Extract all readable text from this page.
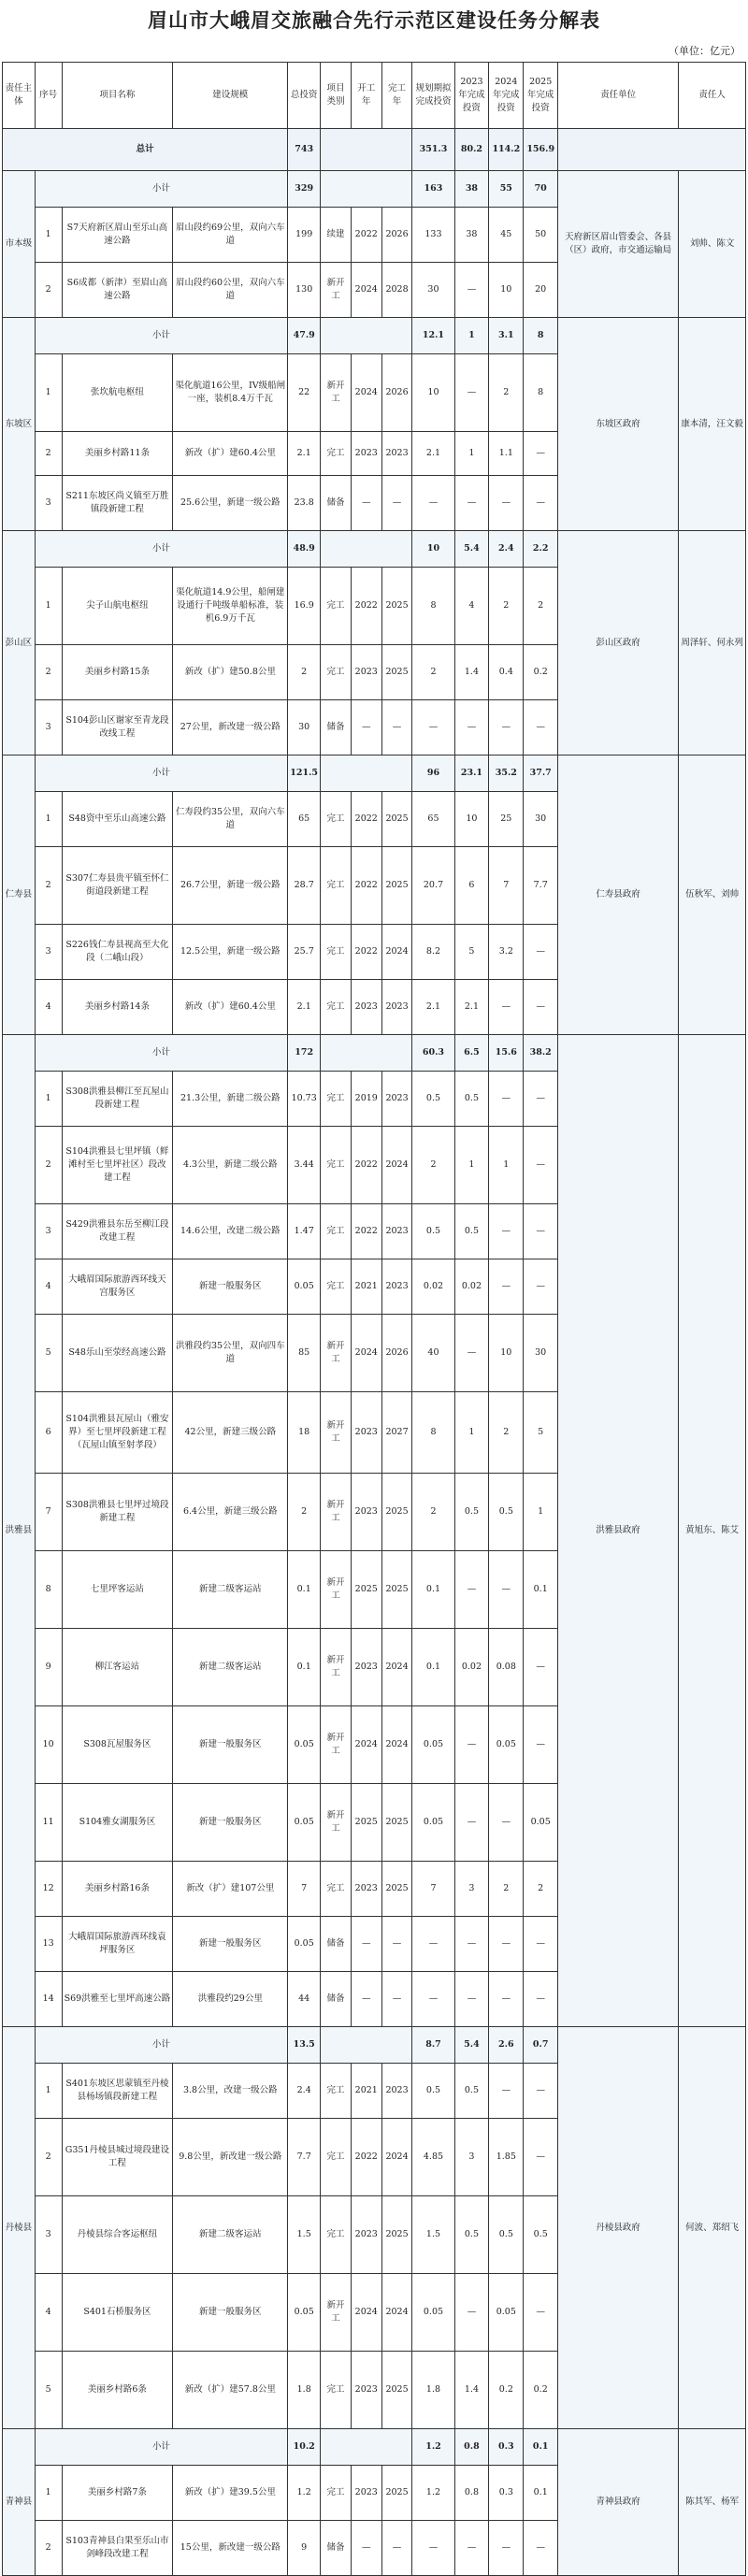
眉山市大峨眉交旅融合先行示范区建设任务分解表
（单位：亿元）
责任主体	序号	项目名称	建设规模	总投资	项目类别	开工年	完工年	规划期拟完成投资	2023年完成投资	2024年完成投资	2025年完成投资	责任单位	责任人
总计				743				351.3	80.2	114.2	156.9		
市本级	小计			329				163	38	55	70	天府新区眉山管委会、各县（区）政府，市交通运输局	刘帅、陈文
	1	S7天府新区眉山至乐山高速公路	眉山段约69公里，双向六车道	199	续建	2022	2026	133	38	45	50		
	2	S6成都（新津）至眉山高速公路	眉山段约60公里，双向六车道	130	新开工	2024	2028	30	—	10	20		
东坡区	小计			47.9				12.1	1	3.1	8	东坡区政府	康本清，汪文毅
	1	张坎航电枢纽	渠化航道16公里，IV级船闸一座，装机8.4万千瓦	22	新开工	2024	2026	10	—	2	8		
	2	美丽乡村路11条	新改（扩）建60.4公里	2.1	完工	2023	2023	2.1	1	1.1	—		
	3	S211东坡区尚义镇至万胜镇段新建工程	25.6公里，新建一级公路	23.8	储备	—	—	—	—	—	—		
彭山区	小计			48.9				10	5.4	2.4	2.2	彭山区政府	周泽轩、何永列
	1	尖子山航电枢纽	渠化航道14.9公里，船闸建设通行千吨级单船标准，装机6.9万千瓦	16.9	完工	2022	2025	8	4	2	2		
	2	美丽乡村路15条	新改（扩）建50.8公里	2	完工	2023	2025	2	1.4	0.4	0.2		
	3	S104彭山区谢家至青龙段改线工程	27公里，新改建一级公路	30	储备	—	—	—	—	—	—		
仁寿县	小计			121.5				96	23.1	35.2	37.7	仁寿县政府	伍秋军、刘帅
	1	S48资中至乐山高速公路	仁寿段约35公里，双向六车道	65	完工	2022	2025	65	10	25	30		
	2	S307仁寿县贵平镇至怀仁街道段新建工程	26.7公里，新建一级公路	28.7	完工	2022	2025	20.7	6	7	7.7		
	3	S226钱仁寿县视高至大化段（二峨山段）	12.5公里，新建一级公路	25.7	完工	2022	2024	8.2	5	3.2	—		
	4	美丽乡村路14条	新改（扩）建60.4公里	2.1	完工	2023	2023	2.1	2.1	—	—		
洪雅县	小计			172				60.3	6.5	15.6	38.2	洪雅县政府	黄旭东、陈艾
	1	S308洪雅县柳江至瓦屋山段新建工程	21.3公里，新建二级公路	10.73	完工	2019	2023	0.5	0.5	—	—		
	2	S104洪雅县七里坪镇（鲜滩村至七里坪社区）段改建工程	4.3公里，新建二级公路	3.44	完工	2022	2024	2	1	1	—		
	3	S429洪雅县东岳至柳江段改建工程	14.6公里，改建二级公路	1.47	完工	2022	2023	0.5	0.5	—	—		
	4	大峨眉国际旅游西环线天宫服务区	新建一般服务区	0.05	完工	2021	2023	0.02	0.02	—	—		
	5	S48乐山至荥经高速公路	洪雅段约35公里，双向四车道	85	新开工	2024	2026	40	—	10	30		
	6	S104洪雅县瓦屋山（雅安界）至七里坪段新建工程（瓦屋山镇至射孝段）	42公里，新建三级公路	18	新开工	2023	2027	8	1	2	5		
	7	S308洪雅县七里坪过境段新建工程	6.4公里，新建三级公路	2	新开工	2023	2025	2	0.5	0.5	1		
	8	七里坪客运站	新建二级客运站	0.1	新开工	2025	2025	0.1	—	—	0.1		
	9	柳江客运站	新建二级客运站	0.1	新开工	2023	2024	0.1	0.02	0.08	—		
	10	S308瓦屋服务区	新建一般服务区	0.05	新开工	2024	2024	0.05	—	0.05	—		
	11	S104雅女湖服务区	新建一般服务区	0.05	新开工	2025	2025	0.05	—	—	0.05		
	12	美丽乡村路16条	新改（扩）建107公里	7	完工	2023	2025	7	3	2	2		
	13	大峨眉国际旅游西环线袁坪服务区	新建一般服务区	0.05	储备	—	—	—	—	—	—		
	14	S69洪雅至七里坪高速公路	洪雅段约29公里	44	储备	—	—	—	—	—	—		
丹棱县	小计			13.5				8.7	5.4	2.6	0.7	丹棱县政府	何波、郑绍飞
	1	S401东坡区思蒙镇至丹棱县杨场镇段新建工程	3.8公里，改建一级公路	2.4	完工	2021	2023	0.5	0.5	—	—		
	2	G351丹棱县城过境段建设工程	9.8公里，新改建一级公路	7.7	完工	2022	2024	4.85	3	1.85	—		
	3	丹棱县综合客运枢纽	新建二级客运站	1.5	完工	2023	2025	1.5	0.5	0.5	0.5		
	4	S401石桥服务区	新建一般服务区	0.05	新开工	2024	2024	0.05	—	0.05	—		
	5	美丽乡村路6条	新改（扩）建57.8公里	1.8	完工	2023	2025	1.8	1.4	0.2	0.2		
青神县	小计			10.2				1.2	0.8	0.3	0.1	青神县政府	陈其军、杨军
	1	美丽乡村路7条	新改（扩）建39.5公里	1.2	完工	2023	2025	1.2	0.8	0.3	0.1		
	2	S103青神县白果至乐山市剑峰段改建工程	15公里，新改建一级公路	9	储备	—	—	—	—	—	—		
